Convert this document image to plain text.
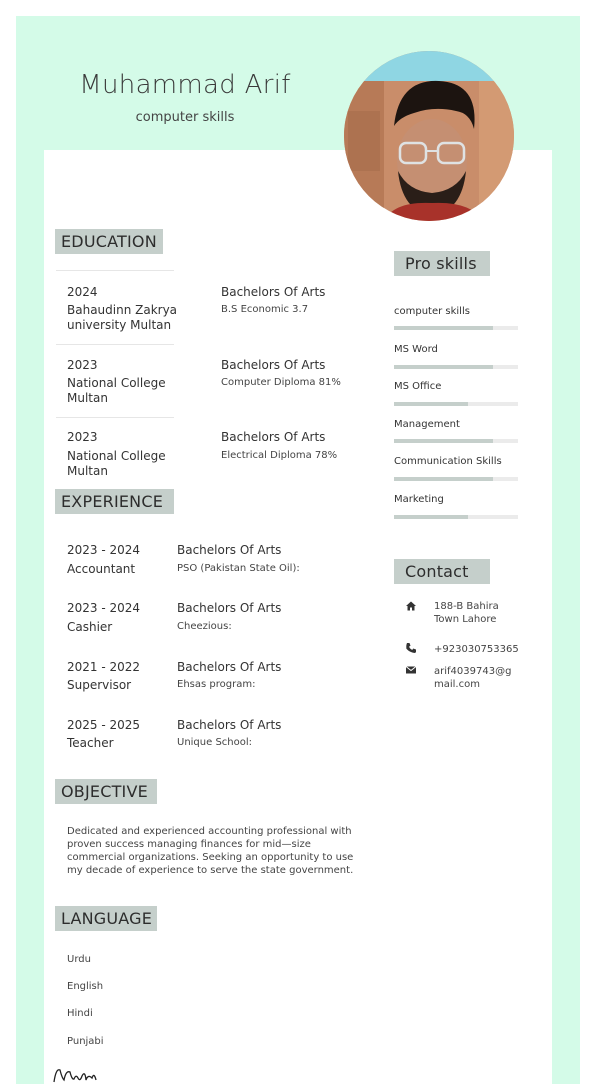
Muhammad Arif
computer skills
EDUCATION
2024
Bahaudinn Zakrya
university Multan
Bachelors Of Arts
B.S Economic 3.7
2023
National College
Multan
Bachelors Of Arts
Computer Diploma 81%
2023
National College
Multan
Bachelors Of Arts
Electrical Diploma 78%
EXPERIENCE
2023 - 2024
Accountant
Bachelors Of Arts
PSO (Pakistan State Oil):
2023 - 2024
Cashier
Bachelors Of Arts
Cheezious:
2021 - 2022
Supervisor
Bachelors Of Arts
Ehsas program:
2025 - 2025
Teacher
Bachelors Of Arts
Unique School:
OBJECTIVE
Dedicated and experienced accounting professional with
proven success managing finances for mid—size
commercial organizations. Seeking an opportunity to use
my decade of experience to serve the state government.
LANGUAGE
Urdu
English
Hindi
Punjabi
Pro skills
computer skills
MS Word
MS Office
Management
Communication Skills
Marketing
Contact
188-B Bahira
Town Lahore
+923030753365
arif4039743@g
mail.com
